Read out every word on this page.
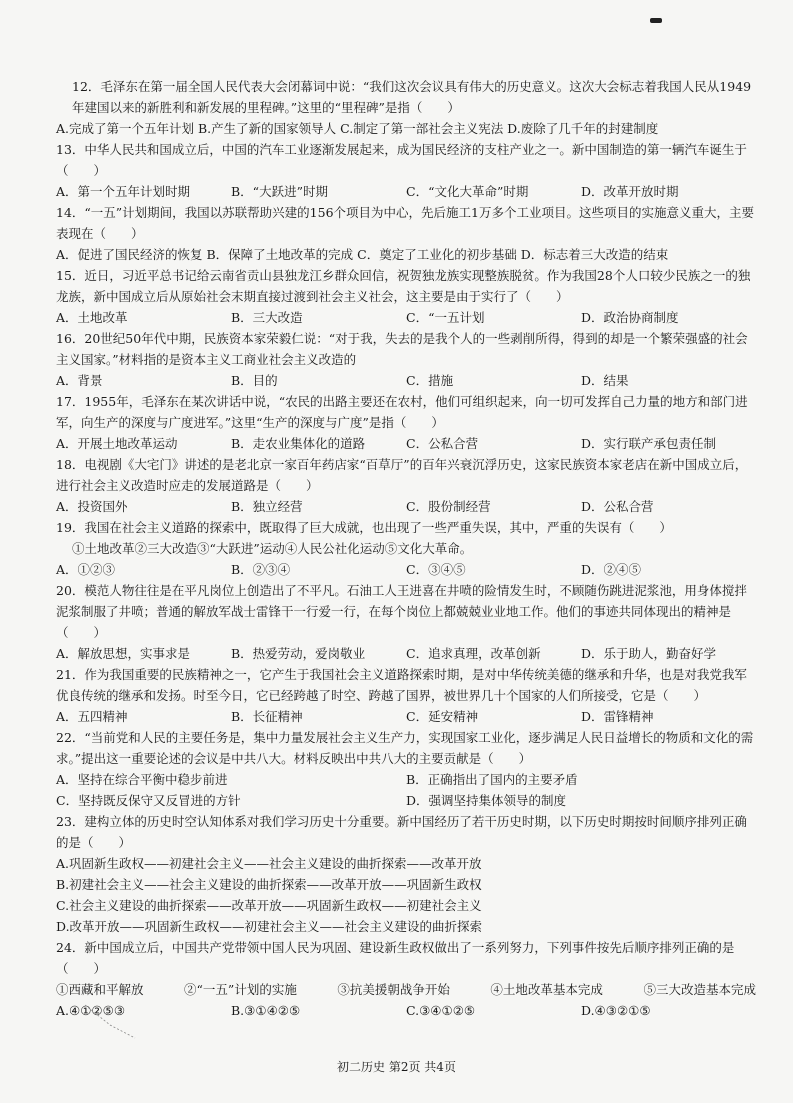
12．毛泽东在第一届全国人民代表大会闭幕词中说：“我们这次会议具有伟大的历史意义。这次大会标志着我国人民从1949年建国以来的新胜利和新发展的里程碑。”这里的“里程碑”是指（　　）
A.完成了第一个五年计划 B.产生了新的国家领导人 C.制定了第一部社会主义宪法 D.废除了几千年的封建制度
13．中华人民共和国成立后，中国的汽车工业逐渐发展起来，成为国民经济的支柱产业之一。新中国制造的第一辆汽车诞生于（　　）
A．第一个五年计划时期	B．“大跃进”时期	C．“文化大革命”时期	D．改革开放时期
14．“一五”计划期间，我国以苏联帮助兴建的156个项目为中心，先后施工1万多个工业项目。这些项目的实施意义重大，主要表现在（　　）
A．促进了国民经济的恢复 B．保障了土地改革的完成 C．奠定了工业化的初步基础 D．标志着三大改造的结束
15．近日，习近平总书记给云南省贡山县独龙江乡群众回信，祝贺独龙族实现整族脱贫。作为我国28个人口较少民族之一的独龙族，新中国成立后从原始社会末期直接过渡到社会主义社会，这主要是由于实行了（　　）
A．土地改革	B．三大改造	C．“一五计划	D．政治协商制度
16．20世纪50年代中期，民族资本家荣毅仁说：“对于我，失去的是我个人的一些剥削所得，得到的却是一个繁荣强盛的社会主义国家。”材料指的是资本主义工商业社会主义改造的
A．背景	B．目的	C．措施	D．结果
17．1955年，毛泽东在某次讲话中说，“农民的出路主要还在农村，他们可组织起来，向一切可发挥自己力量的地方和部门进军，向生产的深度与广度进军。”这里“生产的深度与广度”是指（　　）
A．开展土地改革运动	B．走农业集体化的道路	C．公私合营	D．实行联产承包责任制
18．电视剧《大宅门》讲述的是老北京一家百年药店家“百草厅”的百年兴衰沉浮历史，这家民族资本家老店在新中国成立后，进行社会主义改造时应走的发展道路是（　　）
A．投资国外	B．独立经营	C．股份制经营	D．公私合营
19．我国在社会主义道路的探索中，既取得了巨大成就，也出现了一些严重失误，其中，严重的失误有（　　）
①土地改革②三大改造③“大跃进”运动④人民公社化运动⑤文化大革命。
A．①②③	B．②③④	C．③④⑤	D．②④⑤
20．模范人物往往是在平凡岗位上创造出了不平凡。石油工人王进喜在井喷的险情发生时，不顾随伤跳进泥浆池，用身体搅拌泥浆制服了井喷；普通的解放军战士雷锋干一行爱一行，在每个岗位上都兢兢业业地工作。他们的事迹共同体现出的精神是（　　）
A．解放思想，实事求是	B．热爱劳动，爱岗敬业	C．追求真理，改革创新	D．乐于助人，勤奋好学
21．作为我国重要的民族精神之一，它产生于我国社会主义道路探索时期，是对中华传统美德的继承和升华，也是对我党我军优良传统的继承和发扬。时至今日，它已经跨越了时空、跨越了国界，被世界几十个国家的人们所接受，它是（　　）
A．五四精神	B．长征精神	C．延安精神	D．雷锋精神
22．“当前党和人民的主要任务是，集中力量发展社会主义生产力，实现国家工业化，逐步满足人民日益增长的物质和文化的需求。”提出这一重要论述的会议是中共八大。材料反映出中共八大的主要贡献是（　　）
A．坚持在综合平衡中稳步前进	B．正确指出了国内的主要矛盾
C．坚持既反保守又反冒进的方针	D．强调坚持集体领导的制度
23．建构立体的历史时空认知体系对我们学习历史十分重要。新中国经历了若干历史时期，以下历史时期按时间顺序排列正确的是（　　）
A.巩固新生政权——初建社会主义——社会主义建设的曲折探索——改革开放
B.初建社会主义——社会主义建设的曲折探索——改革开放——巩固新生政权
C.社会主义建设的曲折探索——改革开放——巩固新生政权——初建社会主义
D.改革开放——巩固新生政权——初建社会主义——社会主义建设的曲折探索
24．新中国成立后，中国共产党带领中国人民为巩固、建设新生政权做出了一系列努力，下列事件按先后顺序排列正确的是（　　）
①西藏和平解放	②“一五”计划的实施	③抗美援朝战争开始	④土地改革基本完成	⑤三大改造基本完成
A.④①②⑤③	B.③①④②⑤	C.③④①②⑤	D.④③②①⑤
初二历史 第2页 共4页
